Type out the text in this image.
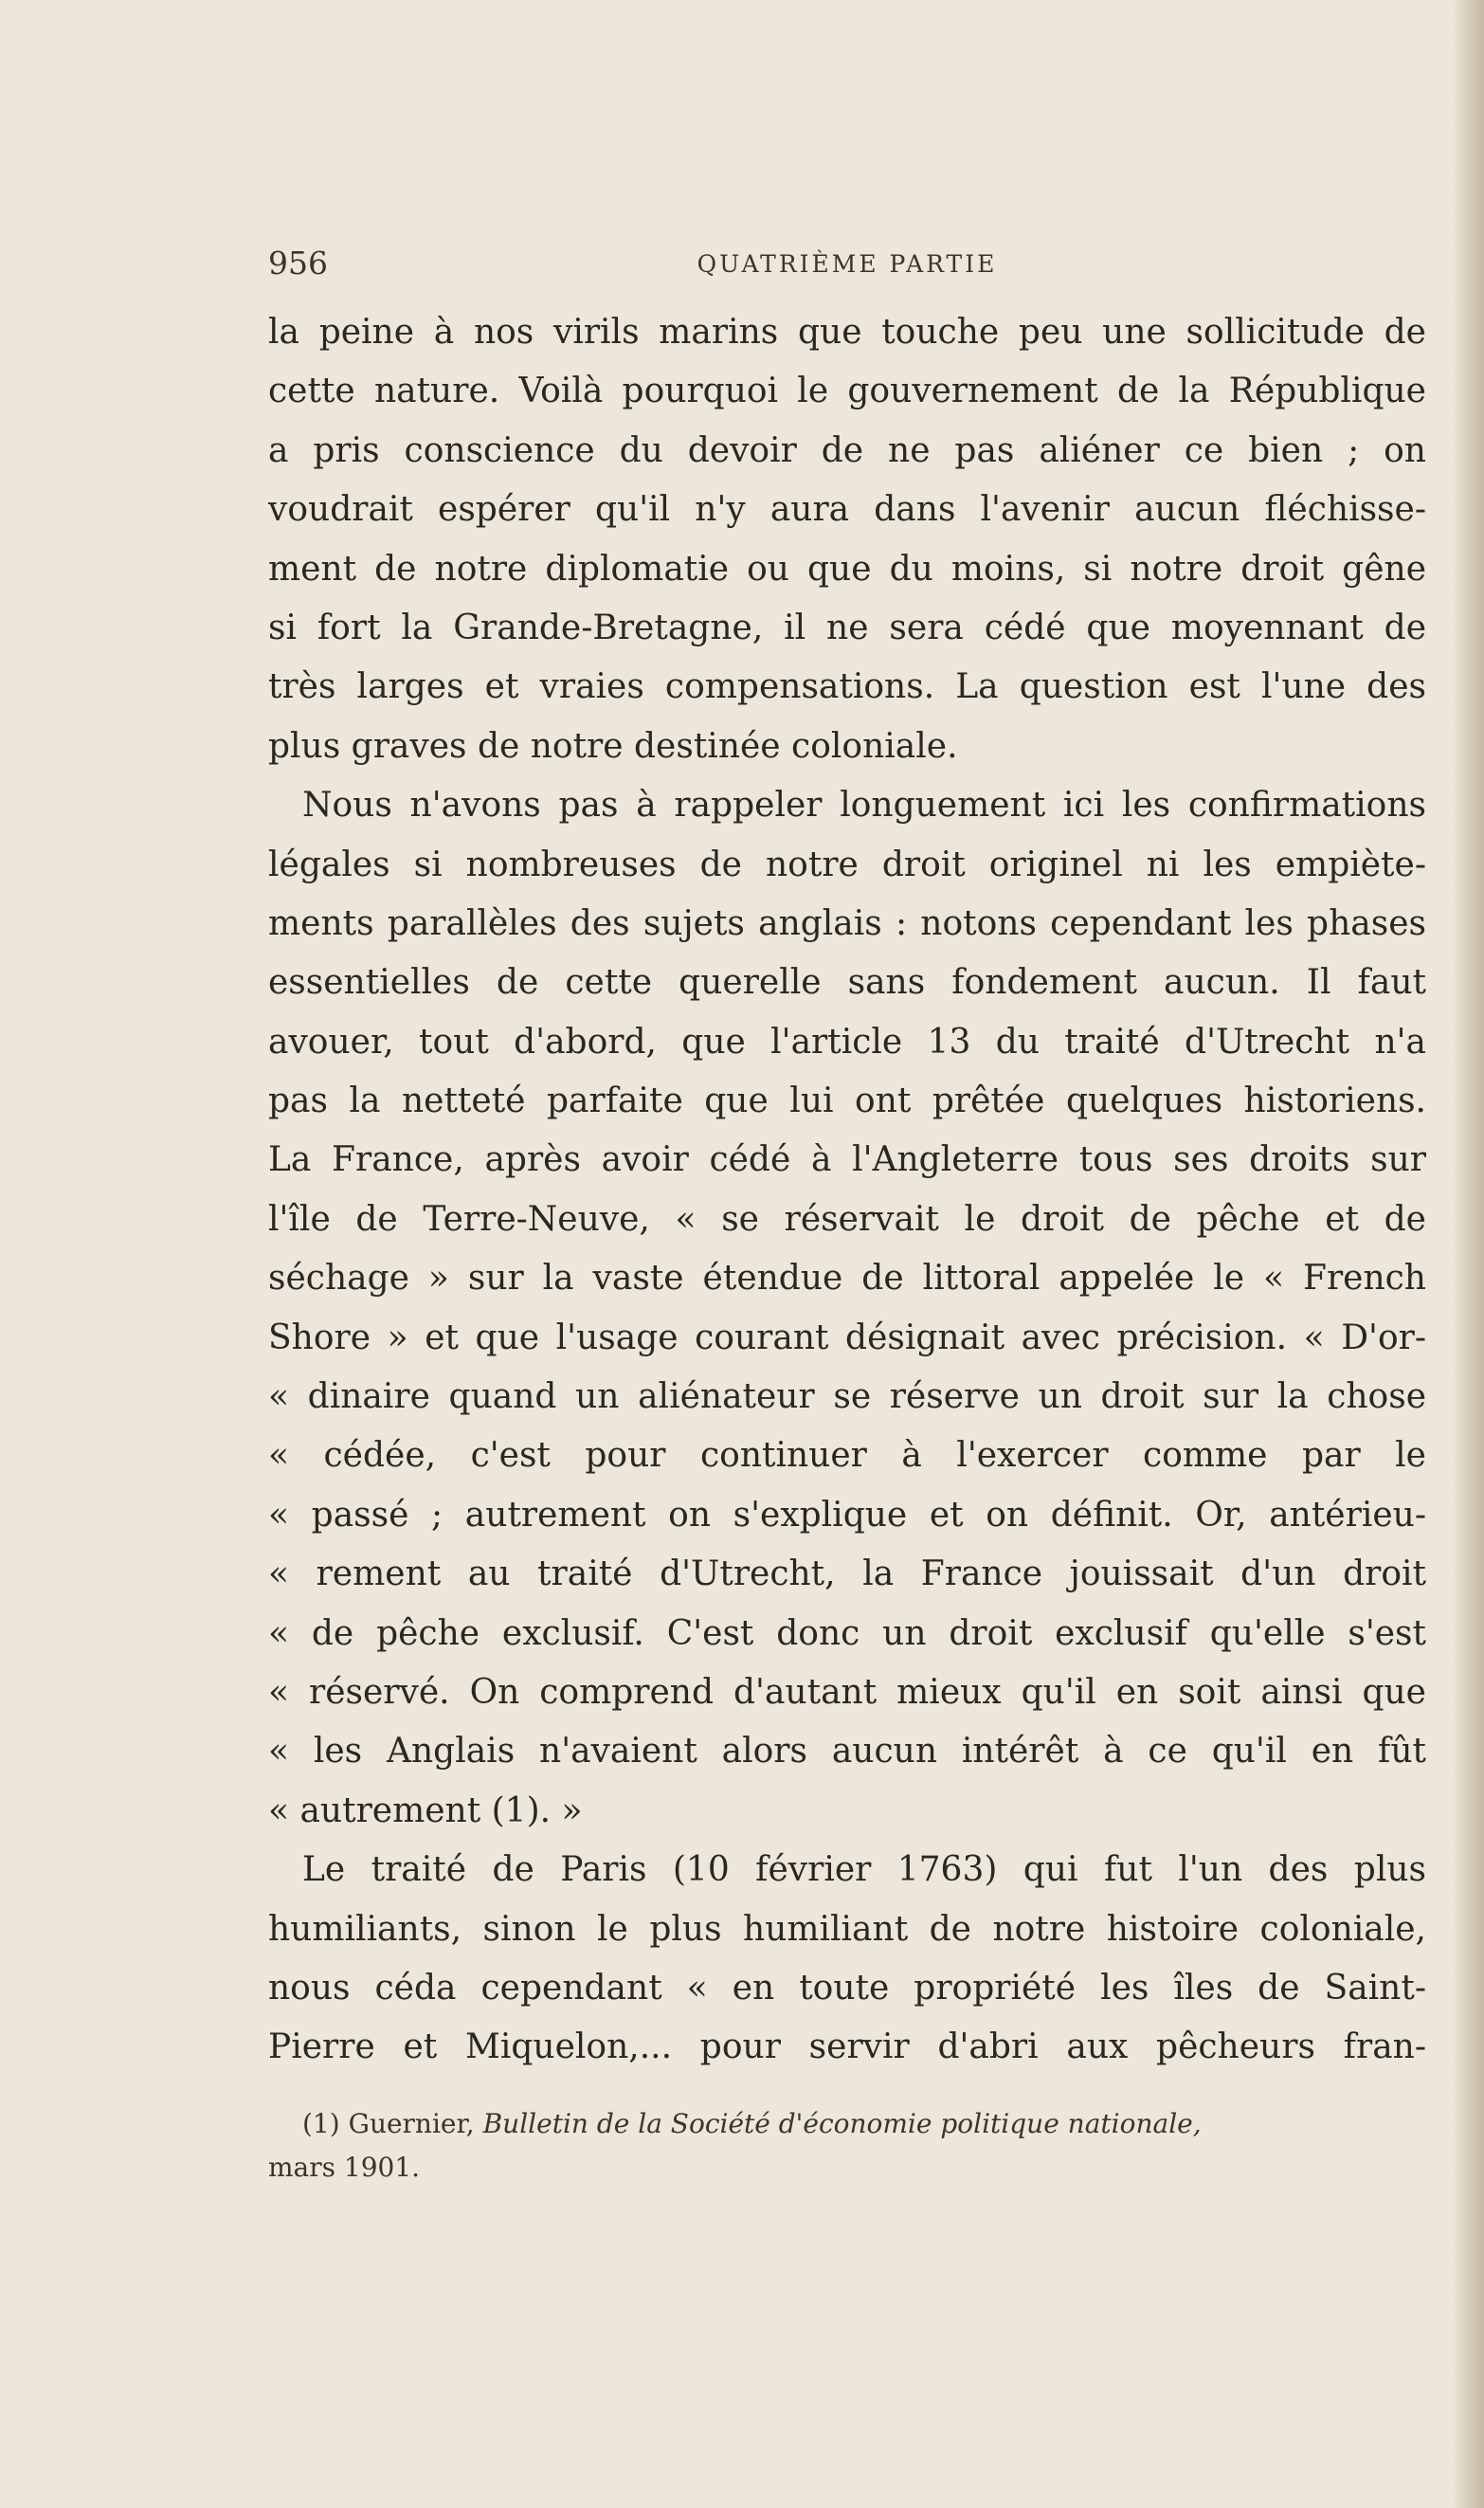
956	QUATRIÈME PARTIE
la peine à nos virils marins que touche peu une sollicitude de
cette nature. Voilà pourquoi le gouvernement de la République
a pris conscience du devoir de ne pas aliéner ce bien ; on
voudrait espérer qu'il n'y aura dans l'avenir aucun fléchisse-
ment de notre diplomatie ou que du moins, si notre droit gêne
si fort la Grande-Bretagne, il ne sera cédé que moyennant de
très larges et vraies compensations. La question est l'une des
plus graves de notre destinée coloniale.
Nous n'avons pas à rappeler longuement ici les confirmations
légales si nombreuses de notre droit originel ni les empiète-
ments parallèles des sujets anglais : notons cependant les phases
essentielles de cette querelle sans fondement aucun. Il faut
avouer, tout d'abord, que l'article 13 du traité d'Utrecht n'a
pas la netteté parfaite que lui ont prêtée quelques historiens.
La France, après avoir cédé à l'Angleterre tous ses droits sur
l'île de Terre-Neuve, « se réservait le droit de pêche et de
séchage » sur la vaste étendue de littoral appelée le « French
Shore » et que l'usage courant désignait avec précision. « D'or-
« dinaire quand un aliénateur se réserve un droit sur la chose
« cédée, c'est pour continuer à l'exercer comme par le
« passé ; autrement on s'explique et on définit. Or, antérieu-
« rement au traité d'Utrecht, la France jouissait d'un droit
« de pêche exclusif. C'est donc un droit exclusif qu'elle s'est
« réservé. On comprend d'autant mieux qu'il en soit ainsi que
« les Anglais n'avaient alors aucun intérêt à ce qu'il en fût
« autrement (1). »
Le traité de Paris (10 février 1763) qui fut l'un des plus
humiliants, sinon le plus humiliant de notre histoire coloniale,
nous céda cependant « en toute propriété les îles de Saint-
Pierre et Miquelon,... pour servir d'abri aux pêcheurs fran-
(1) Guernier, Bulletin de la Société d'économie politique nationale,
mars 1901.
